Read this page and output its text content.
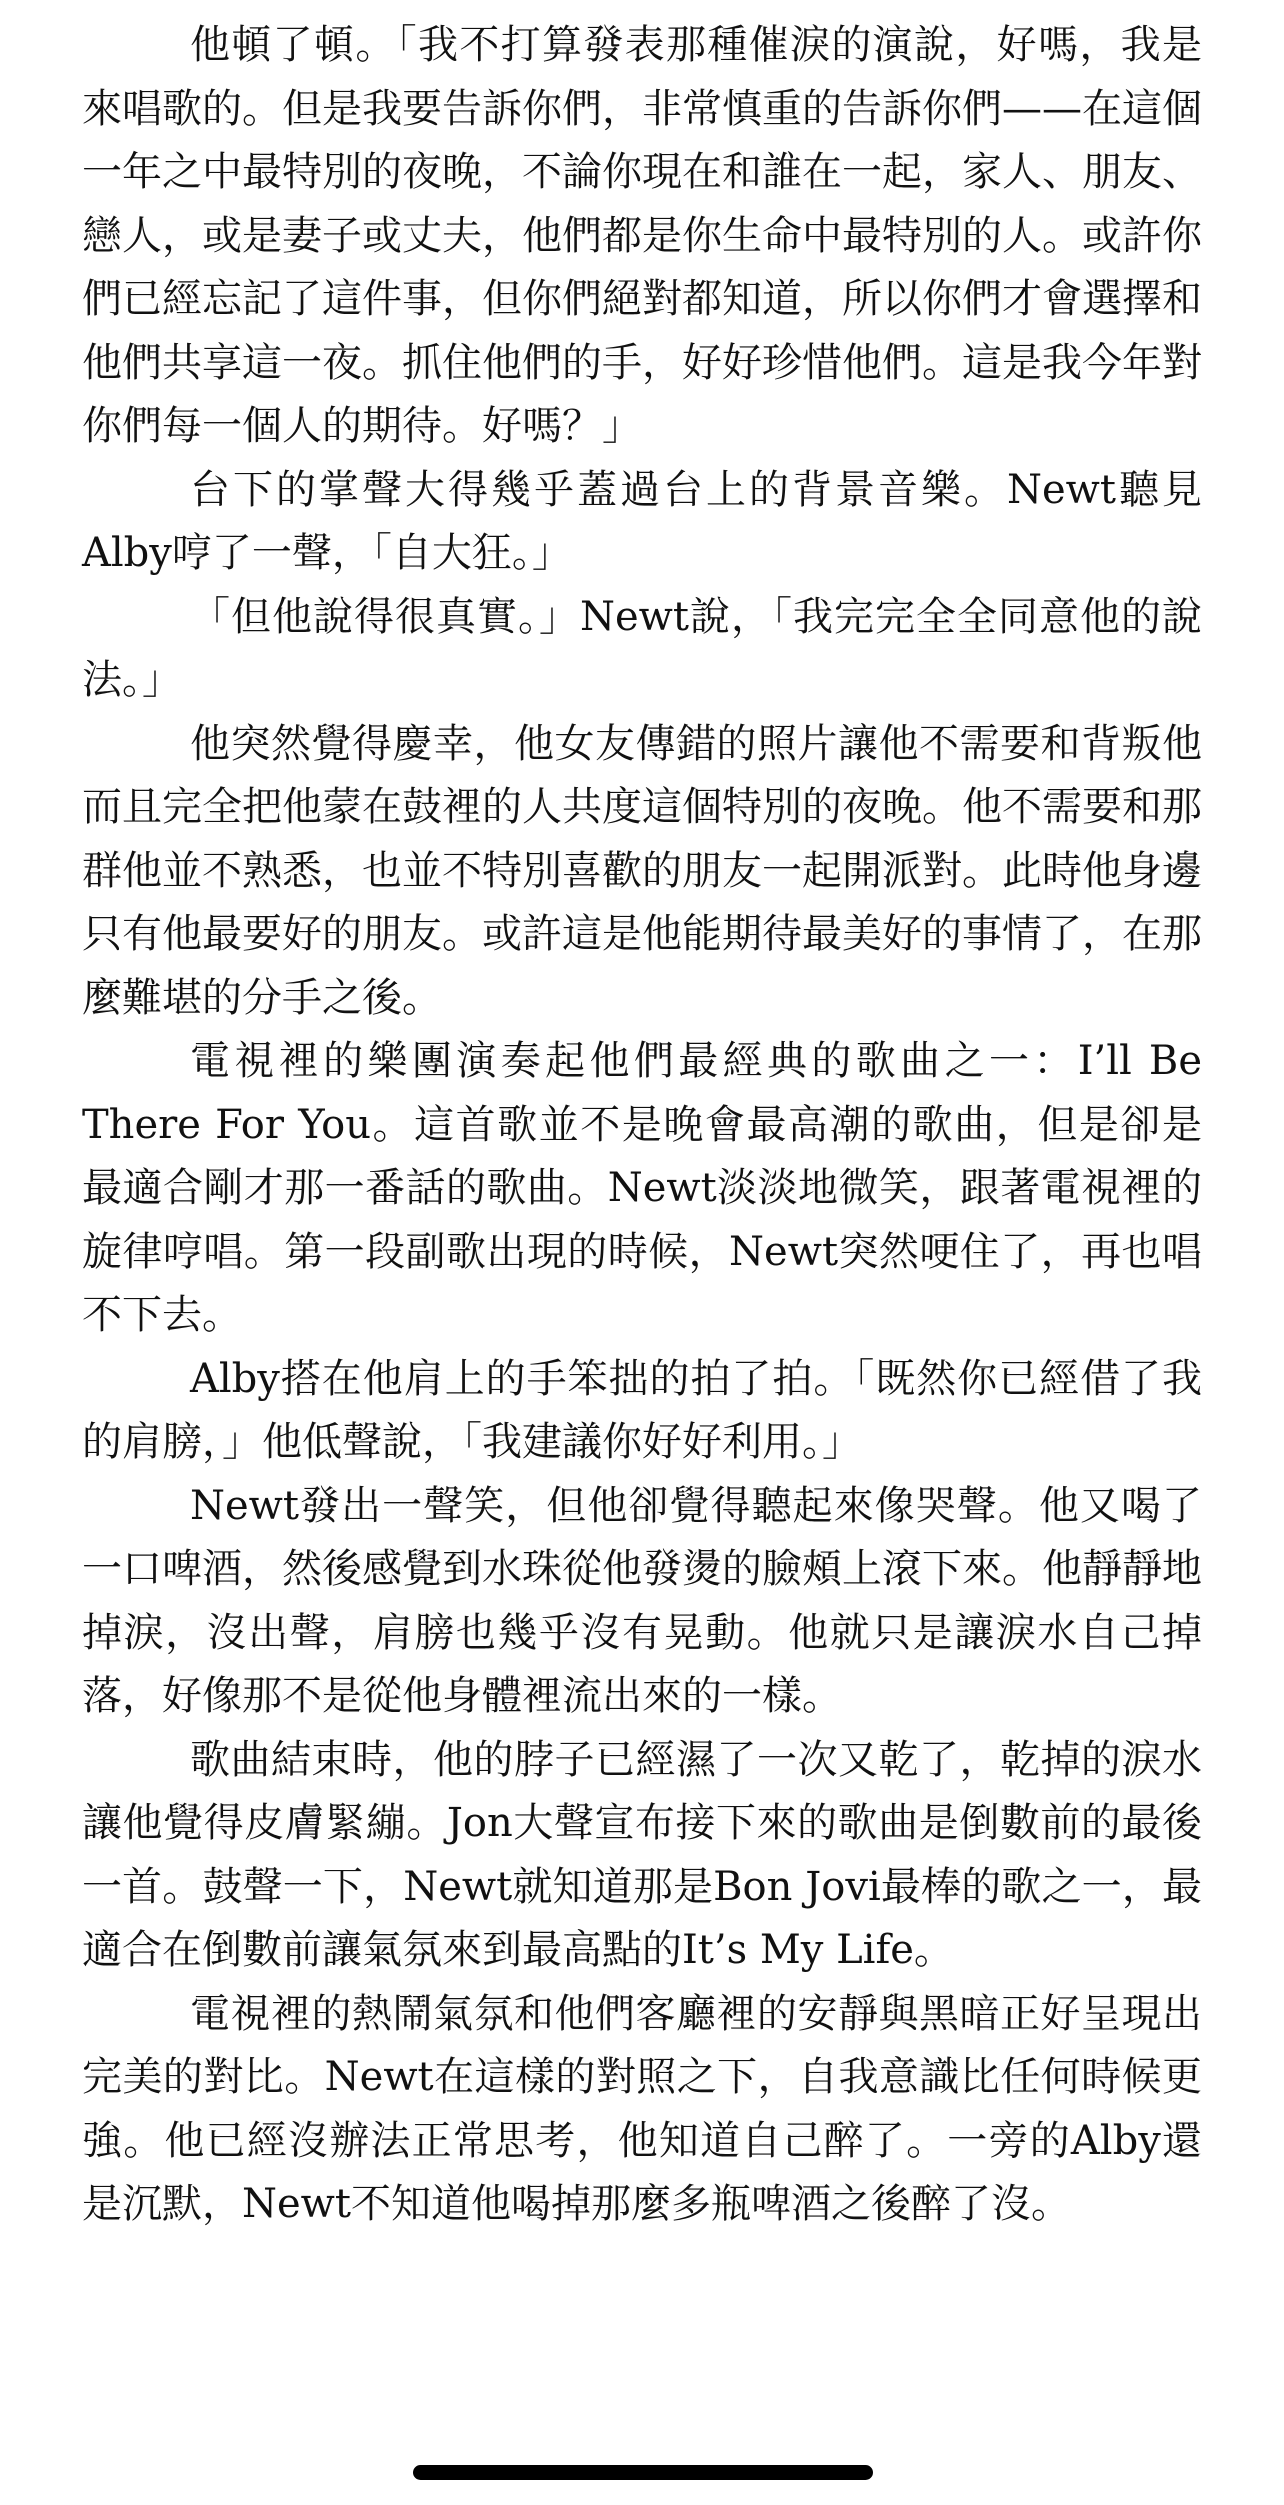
他頓了頓。「我不打算發表那種催淚的演說，好嗎，我是來唱歌的。但是我要告訴你們，非常慎重的告訴你們——在這個一年之中最特別的夜晚，不論你現在和誰在一起，家人、朋友、戀人，或是妻子或丈夫，他們都是你生命中最特別的人。或許你們已經忘記了這件事，但你們絕對都知道，所以你們才會選擇和他們共享這一夜。抓住他們的手，好好珍惜他們。這是我今年對你們每一個人的期待。好嗎？」

台下的掌聲大得幾乎蓋過台上的背景音樂。Newt聽見Alby哼了一聲，「自大狂。」

「但他說得很真實。」Newt說，「我完完全全同意他的說法。」

他突然覺得慶幸，他女友傳錯的照片讓他不需要和背叛他而且完全把他蒙在鼓裡的人共度這個特別的夜晚。他不需要和那群他並不熟悉，也並不特別喜歡的朋友一起開派對。此時他身邊只有他最要好的朋友。或許這是他能期待最美好的事情了，在那麼難堪的分手之後。

電視裡的樂團演奏起他們最經典的歌曲之一：I’ll Be There For You。這首歌並不是晚會最高潮的歌曲，但是卻是最適合剛才那一番話的歌曲。Newt淡淡地微笑，跟著電視裡的旋律哼唱。第一段副歌出現的時候，Newt突然哽住了，再也唱不下去。

Alby搭在他肩上的手笨拙的拍了拍。「既然你已經借了我的肩膀，」他低聲說，「我建議你好好利用。」

Newt發出一聲笑，但他卻覺得聽起來像哭聲。他又喝了一口啤酒，然後感覺到水珠從他發燙的臉頰上滾下來。他靜靜地掉淚，沒出聲，肩膀也幾乎沒有晃動。他就只是讓淚水自己掉落，好像那不是從他身體裡流出來的一樣。

歌曲結束時，他的脖子已經濕了一次又乾了，乾掉的淚水讓他覺得皮膚緊繃。Jon大聲宣布接下來的歌曲是倒數前的最後一首。鼓聲一下，Newt就知道那是Bon Jovi最棒的歌之一，最適合在倒數前讓氣氛來到最高點的It’s My Life。

電視裡的熱鬧氣氛和他們客廳裡的安靜與黑暗正好呈現出完美的對比。Newt在這樣的對照之下，自我意識比任何時候更強。他已經沒辦法正常思考，他知道自己醉了。一旁的Alby還是沉默，Newt不知道他喝掉那麼多瓶啤酒之後醉了沒。
